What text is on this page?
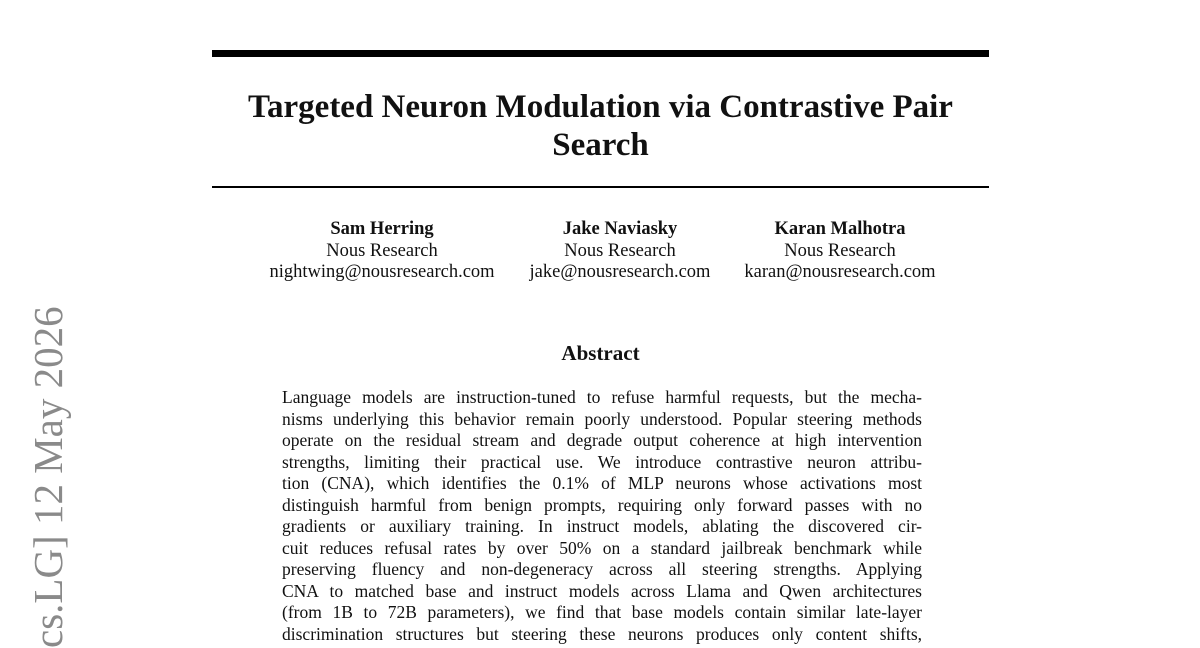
Targeted Neuron Modulation via Contrastive Pair Search
Sam Herring
Nous Research
nightwing@nousresearch.com
Jake Naviasky
Nous Research
jake@nousresearch.com
Karan Malhotra
Nous Research
karan@nousresearch.com
Abstract
Language models are instruction-tuned to refuse harmful requests, but the mecha-
nisms underlying this behavior remain poorly understood. Popular steering methods
operate on the residual stream and degrade output coherence at high intervention
strengths, limiting their practical use. We introduce contrastive neuron attribu-
tion (CNA), which identifies the 0.1% of MLP neurons whose activations most
distinguish harmful from benign prompts, requiring only forward passes with no
gradients or auxiliary training. In instruct models, ablating the discovered cir-
cuit reduces refusal rates by over 50% on a standard jailbreak benchmark while
preserving fluency and non-degeneracy across all steering strengths. Applying
CNA to matched base and instruct models across Llama and Qwen architectures
(from 1B to 72B parameters), we find that base models contain similar late-layer
discrimination structures but steering these neurons produces only content shifts,
cs.LG] 12 May 2026
